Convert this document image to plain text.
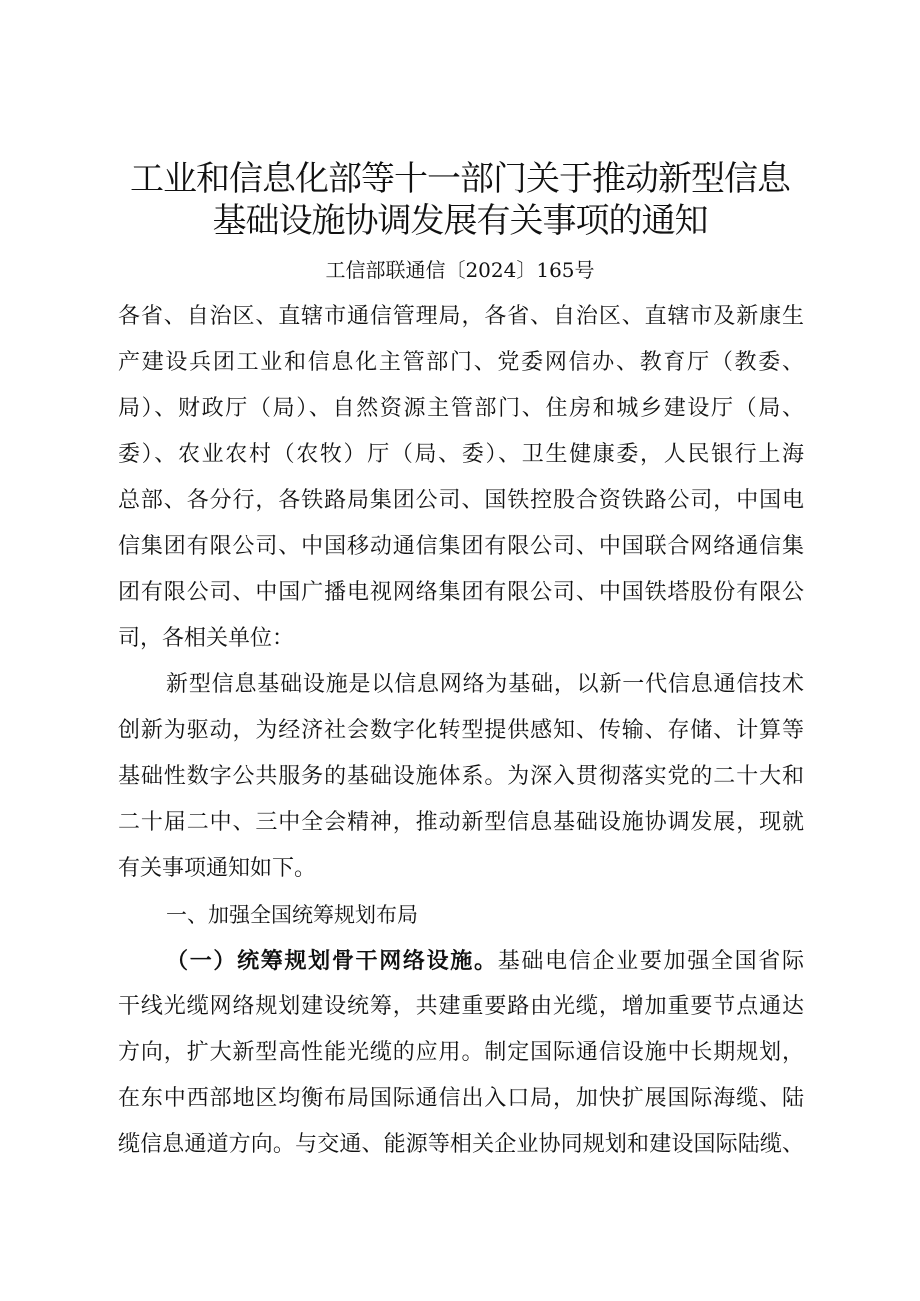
工业和信息化部等十一部门关于推动新型信息
基础设施协调发展有关事项的通知
工信部联通信〔2024〕165号
各省、自治区、直辖市通信管理局，各省、自治区、直辖市及新康生
产建设兵团工业和信息化主管部门、党委网信办、教育厅（教委、
局）、财政厅（局）、自然资源主管部门、住房和城乡建设厅（局、
委）、农业农村（农牧）厅（局、委）、卫生健康委，人民银行上海
总部、各分行，各铁路局集团公司、国铁控股合资铁路公司，中国电
信集团有限公司、中国移动通信集团有限公司、中国联合网络通信集
团有限公司、中国广播电视网络集团有限公司、中国铁塔股份有限公
司，各相关单位：
新型信息基础设施是以信息网络为基础，以新一代信息通信技术
创新为驱动，为经济社会数字化转型提供感知、传输、存储、计算等
基础性数字公共服务的基础设施体系。为深入贯彻落实党的二十大和
二十届二中、三中全会精神，推动新型信息基础设施协调发展，现就
有关事项通知如下。
一、加强全国统筹规划布局
（一）统筹规划骨干网络设施。基础电信企业要加强全国省际
干线光缆网络规划建设统筹，共建重要路由光缆，增加重要节点通达
方向，扩大新型高性能光缆的应用。制定国际通信设施中长期规划，
在东中西部地区均衡布局国际通信出入口局，加快扩展国际海缆、陆
缆信息通道方向。与交通、能源等相关企业协同规划和建设国际陆缆、
